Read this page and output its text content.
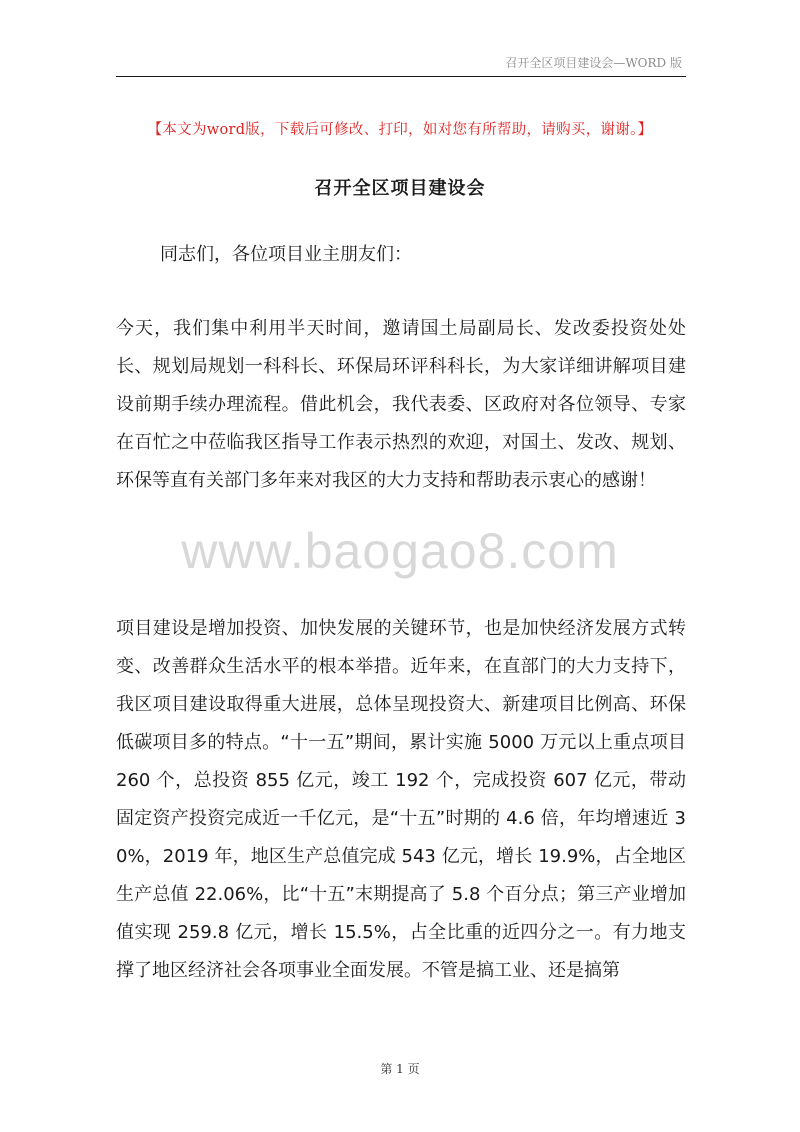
召开全区项目建设会—WORD 版
【本文为word版，下载后可修改、打印，如对您有所帮助，请购买，谢谢。】
召开全区项目建设会
同志们，各位项目业主朋友们：
今天，我们集中利用半天时间，邀请国土局副局长、发改委投资处处长、规划局规划一科科长、环保局环评科科长，为大家详细讲解项目建设前期手续办理流程。借此机会，我代表委、区政府对各位领导、专家在百忙之中莅临我区指导工作表示热烈的欢迎，对国土、发改、规划、环保等直有关部门多年来对我区的大力支持和帮助表示衷心的感谢！
www.baogao8.com
项目建设是增加投资、加快发展的关键环节，也是加快经济发展方式转变、改善群众生活水平的根本举措。近年来，在直部门的大力支持下，我区项目建设取得重大进展，总体呈现投资大、新建项目比例高、环保低碳项目多的特点。“十一五”期间，累计实施 5000 万元以上重点项目 260 个，总投资 855 亿元，竣工 192 个，完成投资 607 亿元，带动固定资产投资完成近一千亿元，是“十五”时期的 4.6 倍，年均增速近 30%，2019 年，地区生产总值完成 543 亿元，增长 19.9%，占全地区生产总值 22.06%，比“十五”末期提高了 5.8 个百分点；第三产业增加值实现 259.8 亿元，增长 15.5%，占全比重的近四分之一。有力地支撑了地区经济社会各项事业全面发展。不管是搞工业、还是搞第
第 1 页
